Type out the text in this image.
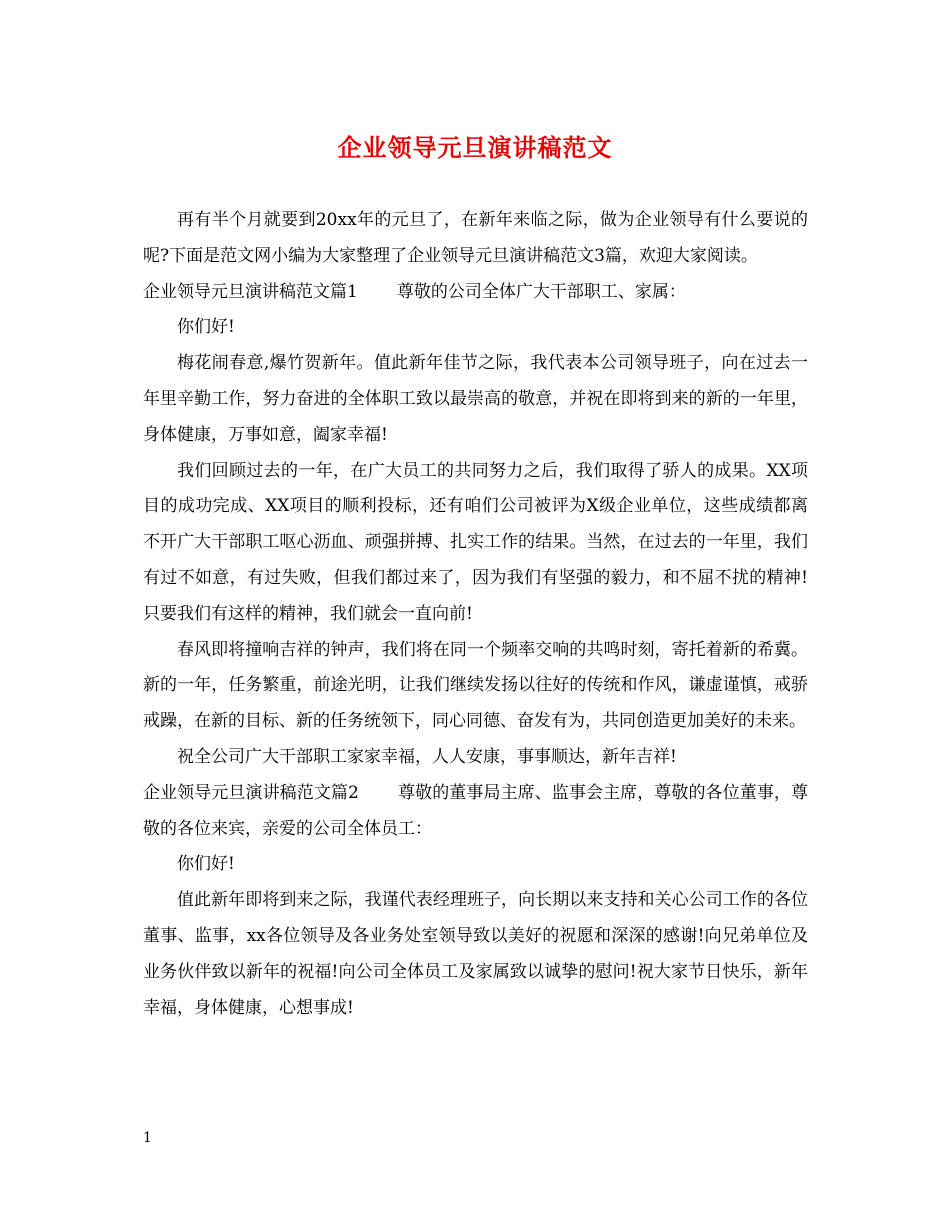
企业领导元旦演讲稿范文

再有半个月就要到20xx年的元旦了，在新年来临之际，做为企业领导有什么要说的呢?下面是范文网小编为大家整理了企业领导元旦演讲稿范文3篇，欢迎大家阅读。

企业领导元旦演讲稿范文篇1 尊敬的公司全体广大干部职工、家属：

你们好!

梅花闹春意,爆竹贺新年。值此新年佳节之际，我代表本公司领导班子，向在过去一年里辛勤工作，努力奋进的全体职工致以最崇高的敬意，并祝在即将到来的新的一年里，身体健康，万事如意，阖家幸福!

我们回顾过去的一年，在广大员工的共同努力之后，我们取得了骄人的成果。XX项目的成功完成、XX项目的顺利投标，还有咱们公司被评为X级企业单位，这些成绩都离不开广大干部职工呕心沥血、顽强拼搏、扎实工作的结果。当然，在过去的一年里，我们有过不如意，有过失败，但我们都过来了，因为我们有坚强的毅力，和不屈不扰的精神!只要我们有这样的精神，我们就会一直向前!

春风即将撞响吉祥的钟声，我们将在同一个频率交响的共鸣时刻，寄托着新的希冀。新的一年，任务繁重，前途光明，让我们继续发扬以往好的传统和作风，谦虚谨慎，戒骄戒躁，在新的目标、新的任务统领下，同心同德、奋发有为，共同创造更加美好的未来。

祝全公司广大干部职工家家幸福，人人安康，事事顺达，新年吉祥!

企业领导元旦演讲稿范文篇2 尊敬的董事局主席、监事会主席，尊敬的各位董事，尊敬的各位来宾，亲爱的公司全体员工：

你们好!

值此新年即将到来之际，我谨代表经理班子，向长期以来支持和关心公司工作的各位董事、监事，xx各位领导及各业务处室领导致以美好的祝愿和深深的感谢!向兄弟单位及业务伙伴致以新年的祝福!向公司全体员工及家属致以诚挚的慰问!祝大家节日快乐，新年幸福，身体健康，心想事成!

1
